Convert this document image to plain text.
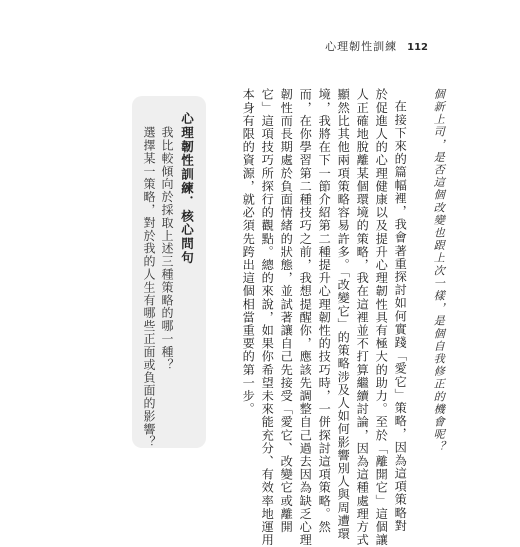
心理韌性訓練 112
個新上司，是否這個改變也跟上次一樣，是個自我修正的機會呢？
在接下來的篇幅裡，我會著重探討如何實踐「愛它」策略，因為這項策略對
於促進人的心理健康以及提升心理韌性具有極大的助力。至於「離開它」這個讓
人正確地脫離某個環境的策略，我在這裡並不打算繼續討論，因為這種處理方式
顯然比其他兩項策略容易許多。「改變它」的策略涉及人如何影響別人與周遭環
境，我將在下一節介紹第二種提升心理韌性的技巧時，一併探討這項策略。然
而，在你學習第二種技巧之前，我想提醒你，應該先調整自己過去因為缺乏心理
韌性而長期處於負面情緒的狀態，並試著讓自己先接受「愛它、改變它或離開
它」這項技巧所探行的觀點。總的來說，如果你希望未來能充分、有效率地運用
本身有限的資源，就必須先跨出這個相當重要的第一步。
心理韌性訓練．核心問句
我比較傾向於採取上述三種策略的哪一種？
選擇某一策略，對於我的人生有哪些正面或負面的影響？
